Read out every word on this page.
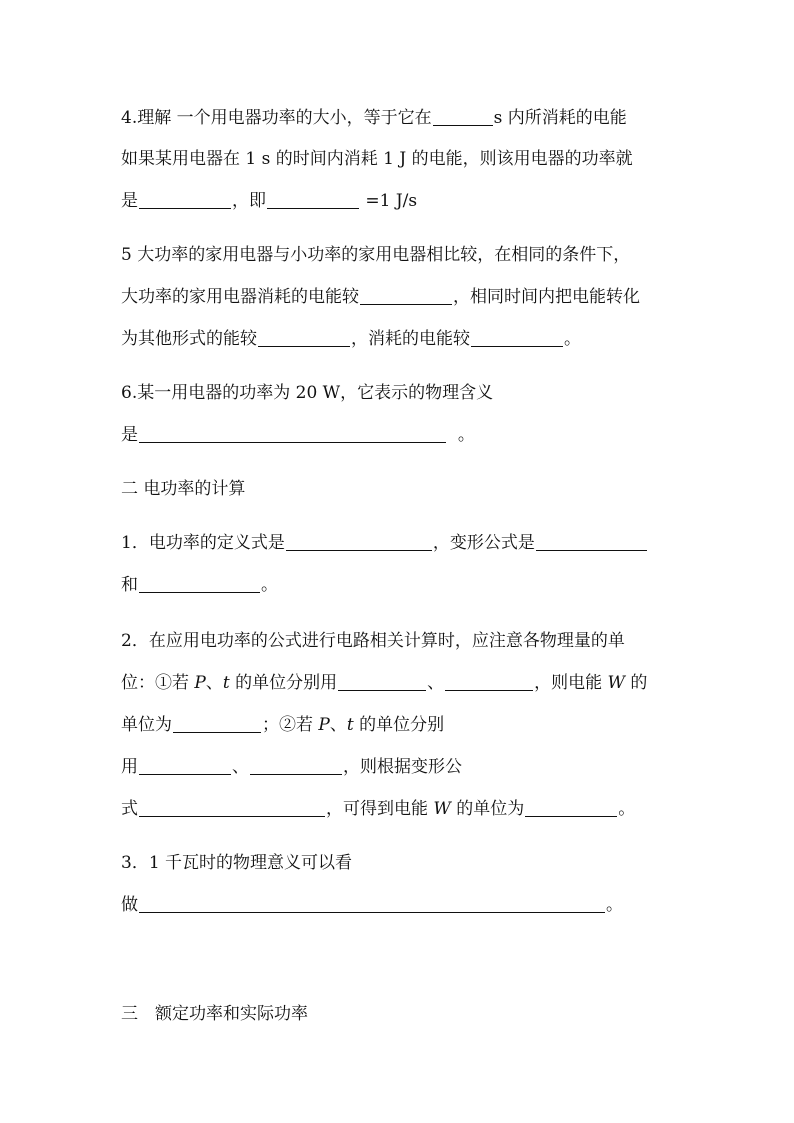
4.理解 一个用电器功率的大小，等于它在	s 内所消耗的电能
如果某用电器在 1 s 的时间内消耗 1 J 的电能，则该用电器的功率就
是	，即	=1 J/s
5 大功率的家用电器与小功率的家用电器相比较，在相同的条件下，
大功率的家用电器消耗的电能较	，相同时间内把电能转化
为其他形式的能较	，消耗的电能较	。
6.某一用电器的功率为 20 W，它表示的物理含义
是	。
二 电功率的计算
1．电功率的定义式是	，变形公式是
和	。
2．在应用电功率的公式进行电路相关计算时，应注意各物理量的单
位：①若 P、t 的单位分别用	、	，则电能 W 的
单位为	；②若 P、t 的单位分别
用	、	，则根据变形公
式	，可得到电能 W 的单位为	。
3．1 千瓦时的物理意义可以看
做	。
三　额定功率和实际功率
